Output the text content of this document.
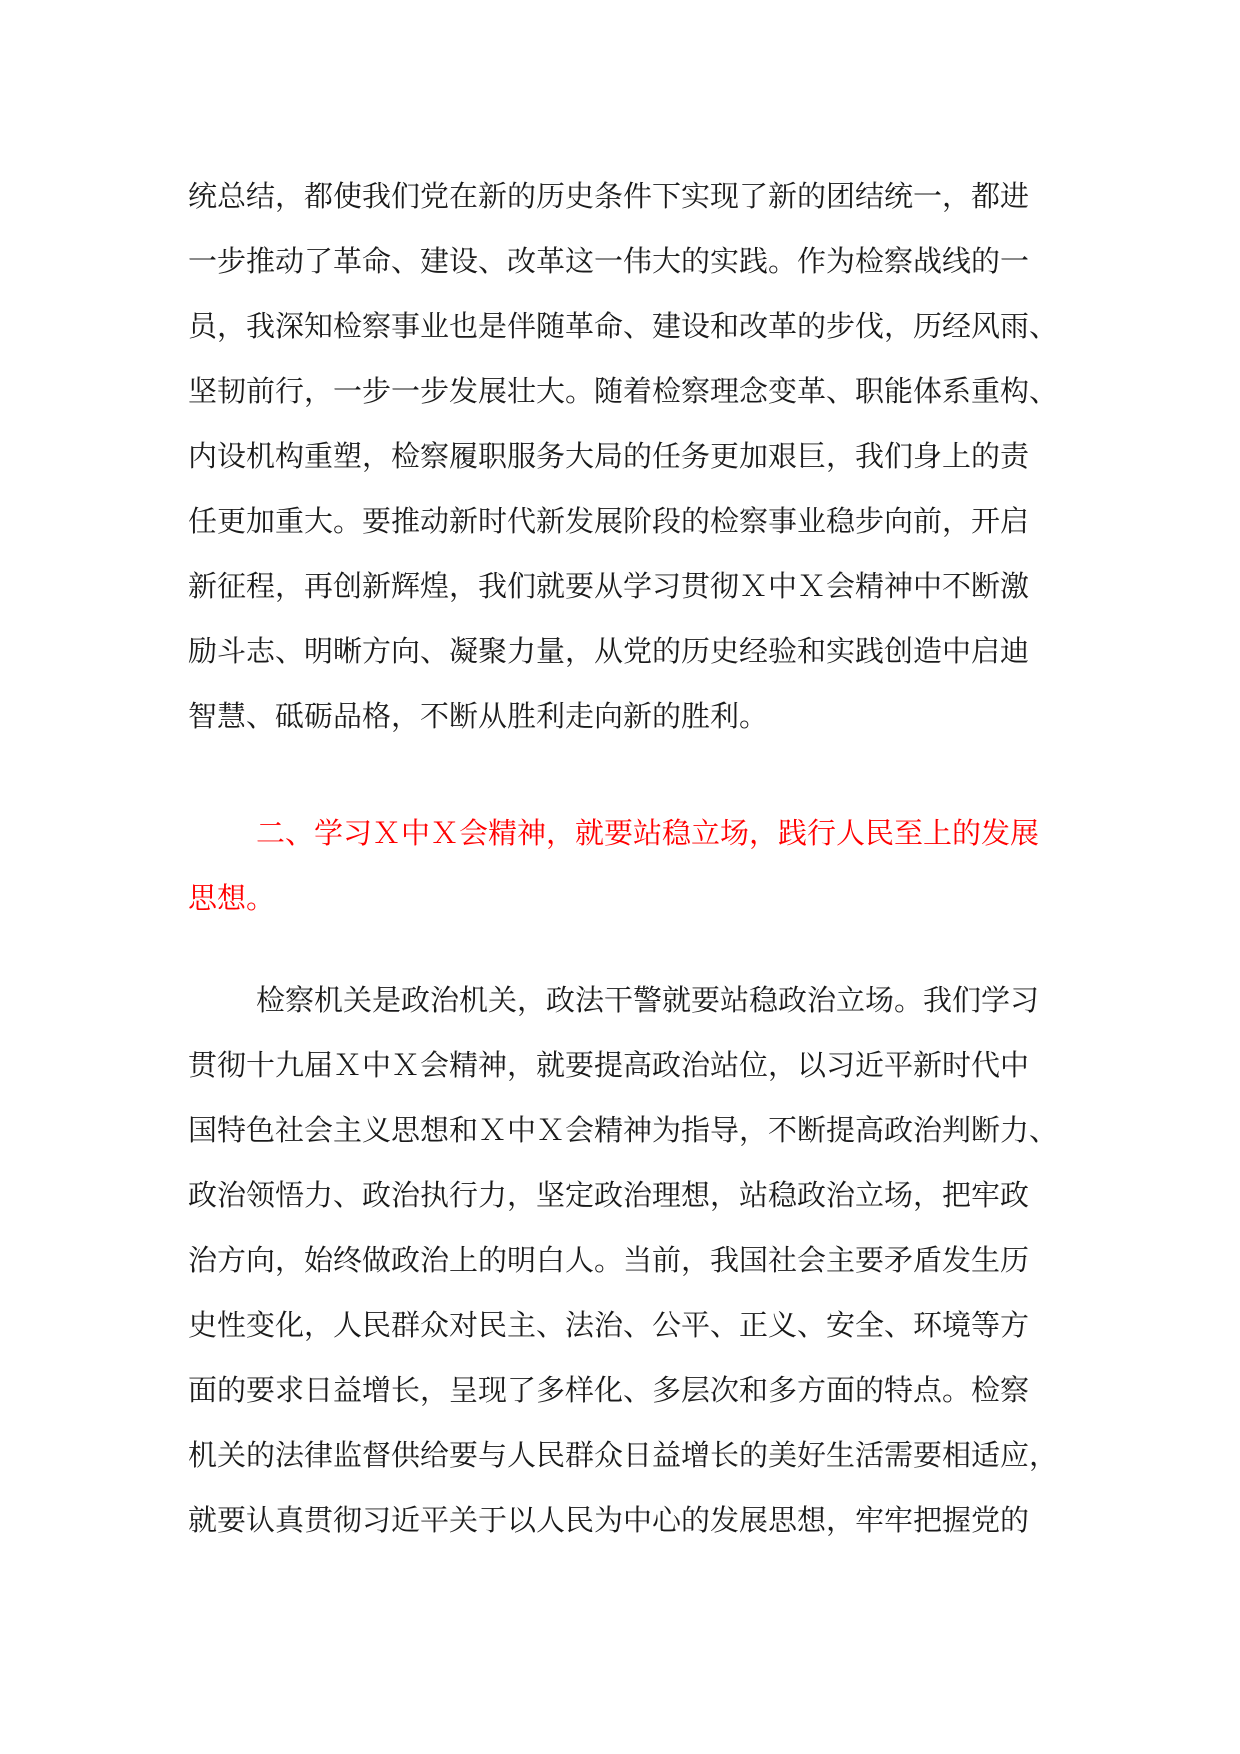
统总结，都使我们党在新的历史条件下实现了新的团结统一，都进
一步推动了革命、建设、改革这一伟大的实践。作为检察战线的一
员，我深知检察事业也是伴随革命、建设和改革的步伐，历经风雨、
坚韧前行，一步一步发展壮大。随着检察理念变革、职能体系重构、
内设机构重塑，检察履职服务大局的任务更加艰巨，我们身上的责
任更加重大。要推动新时代新发展阶段的检察事业稳步向前，开启
新征程，再创新辉煌，我们就要从学习贯彻Ｘ中Ｘ会精神中不断激
励斗志、明晰方向、凝聚力量，从党的历史经验和实践创造中启迪
智慧、砥砺品格，不断从胜利走向新的胜利。
二、学习Ｘ中Ｘ会精神，就要站稳立场，践行人民至上的发展
思想。
检察机关是政治机关，政法干警就要站稳政治立场。我们学习
贯彻十九届Ｘ中Ｘ会精神，就要提高政治站位，以习近平新时代中
国特色社会主义思想和Ｘ中Ｘ会精神为指导，不断提高政治判断力、
政治领悟力、政治执行力，坚定政治理想，站稳政治立场，把牢政
治方向，始终做政治上的明白人。当前，我国社会主要矛盾发生历
史性变化，人民群众对民主、法治、公平、正义、安全、环境等方
面的要求日益增长，呈现了多样化、多层次和多方面的特点。检察
机关的法律监督供给要与人民群众日益增长的美好生活需要相适应，
就要认真贯彻习近平关于以人民为中心的发展思想，牢牢把握党的
